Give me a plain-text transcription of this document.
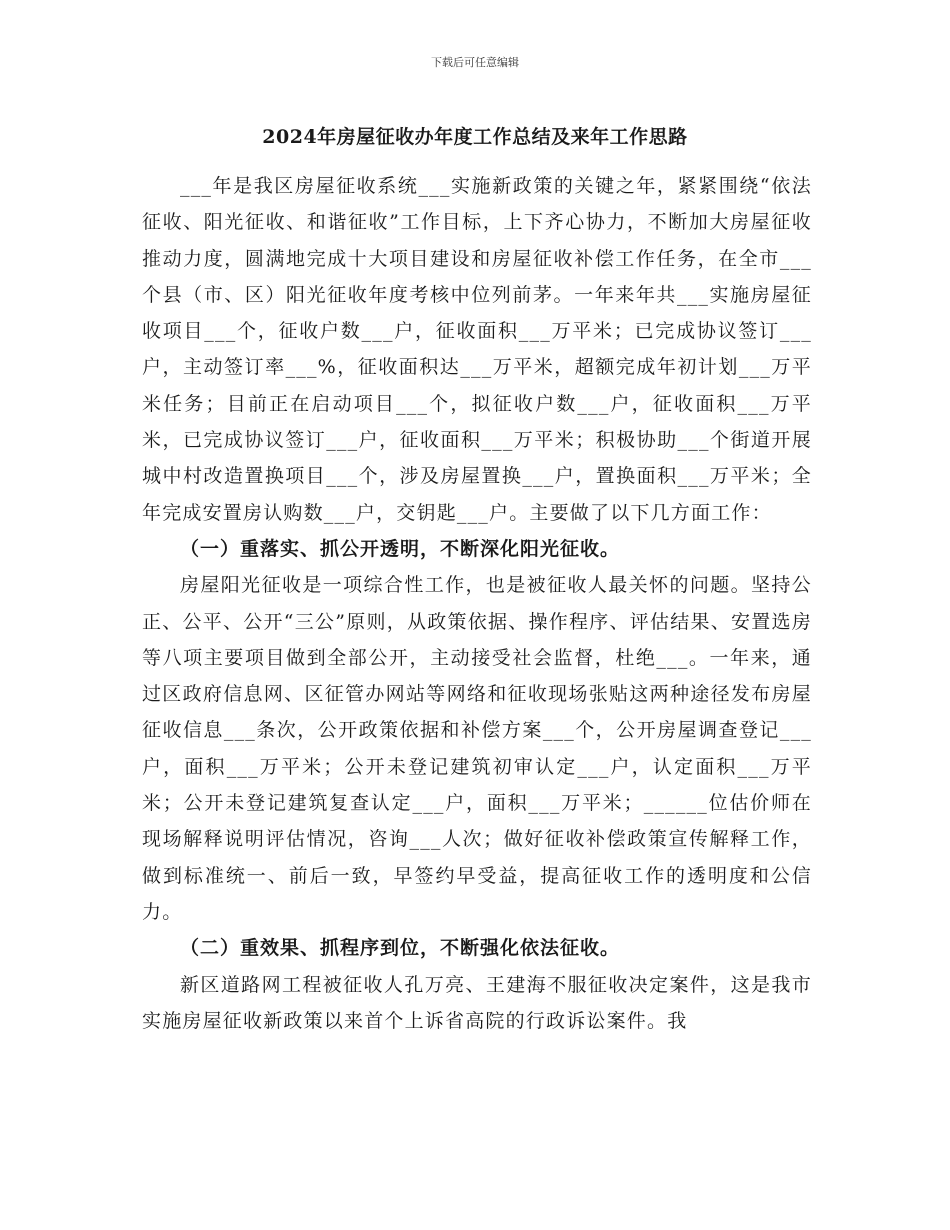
下载后可任意编辑
2024年房屋征收办年度工作总结及来年工作思路

___年是我区房屋征收系统___实施新政策的关键之年，紧紧围绕“依法征收、阳光征收、和谐征收”工作目标，上下齐心协力，不断加大房屋征收推动力度，圆满地完成十大项目建设和房屋征收补偿工作任务，在全市___个县（市、区）阳光征收年度考核中位列前茅。一年来年共___实施房屋征收项目___个，征收户数___户，征收面积___万平米；已完成协议签订___户，主动签订率___%，征收面积达___万平米，超额完成年初计划___万平米任务；目前正在启动项目___个，拟征收户数___户，征收面积___万平米，已完成协议签订___户，征收面积___万平米；积极协助___个街道开展城中村改造置换项目___个，涉及房屋置换___户，置换面积___万平米；全年完成安置房认购数___户，交钥匙___户。主要做了以下几方面工作：

（一）重落实、抓公开透明，不断深化阳光征收。

房屋阳光征收是一项综合性工作，也是被征收人最关怀的问题。坚持公正、公平、公开“三公”原则，从政策依据、操作程序、评估结果、安置选房等八项主要项目做到全部公开，主动接受社会监督，杜绝___。一年来，通过区政府信息网、区征管办网站等网络和征收现场张贴这两种途径发布房屋征收信息___条次，公开政策依据和补偿方案___个，公开房屋调查登记___户，面积___万平米；公开未登记建筑初审认定___户，认定面积___万平米；公开未登记建筑复查认定___户，面积___万平米；______位估价师在现场解释说明评估情况，咨询___人次；做好征收补偿政策宣传解释工作，做到标准统一、前后一致，早签约早受益，提高征收工作的透明度和公信力。

（二）重效果、抓程序到位，不断强化依法征收。

新区道路网工程被征收人孔万亮、王建海不服征收决定案件，这是我市实施房屋征收新政策以来首个上诉省高院的行政诉讼案件。我
